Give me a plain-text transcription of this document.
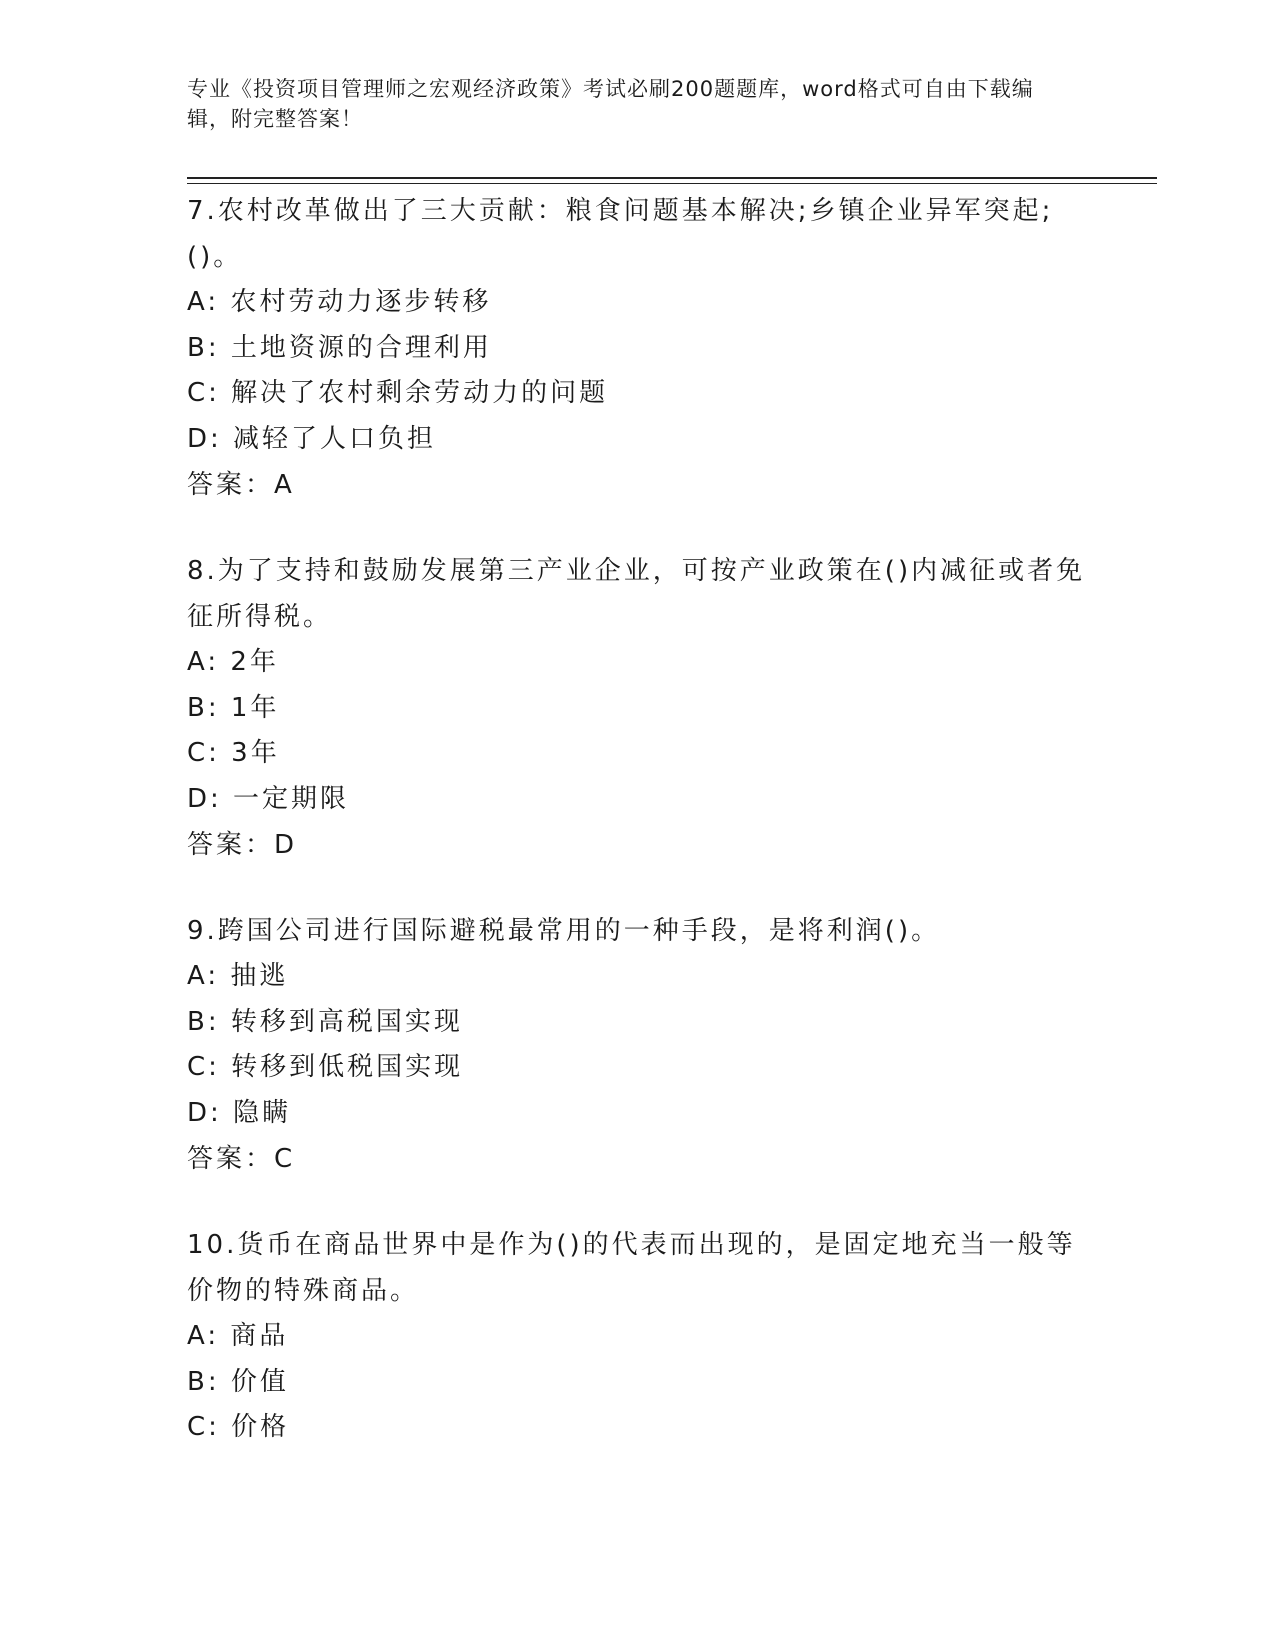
专业《投资项目管理师之宏观经济政策》考试必刷200题题库，word格式可自由下载编辑，附完整答案！
7.农村改革做出了三大贡献：粮食问题基本解决;乡镇企业异军突起;()。
A: 农村劳动力逐步转移
B: 土地资源的合理利用
C: 解决了农村剩余劳动力的问题
D: 减轻了人口负担
答案：A
8.为了支持和鼓励发展第三产业企业，可按产业政策在()内减征或者免征所得税。
A: 2年
B: 1年
C: 3年
D: 一定期限
答案：D
9.跨国公司进行国际避税最常用的一种手段，是将利润()。
A: 抽逃
B: 转移到高税国实现
C: 转移到低税国实现
D: 隐瞒
答案：C
10.货币在商品世界中是作为()的代表而出现的，是固定地充当一般等价物的特殊商品。
A: 商品
B: 价值
C: 价格
